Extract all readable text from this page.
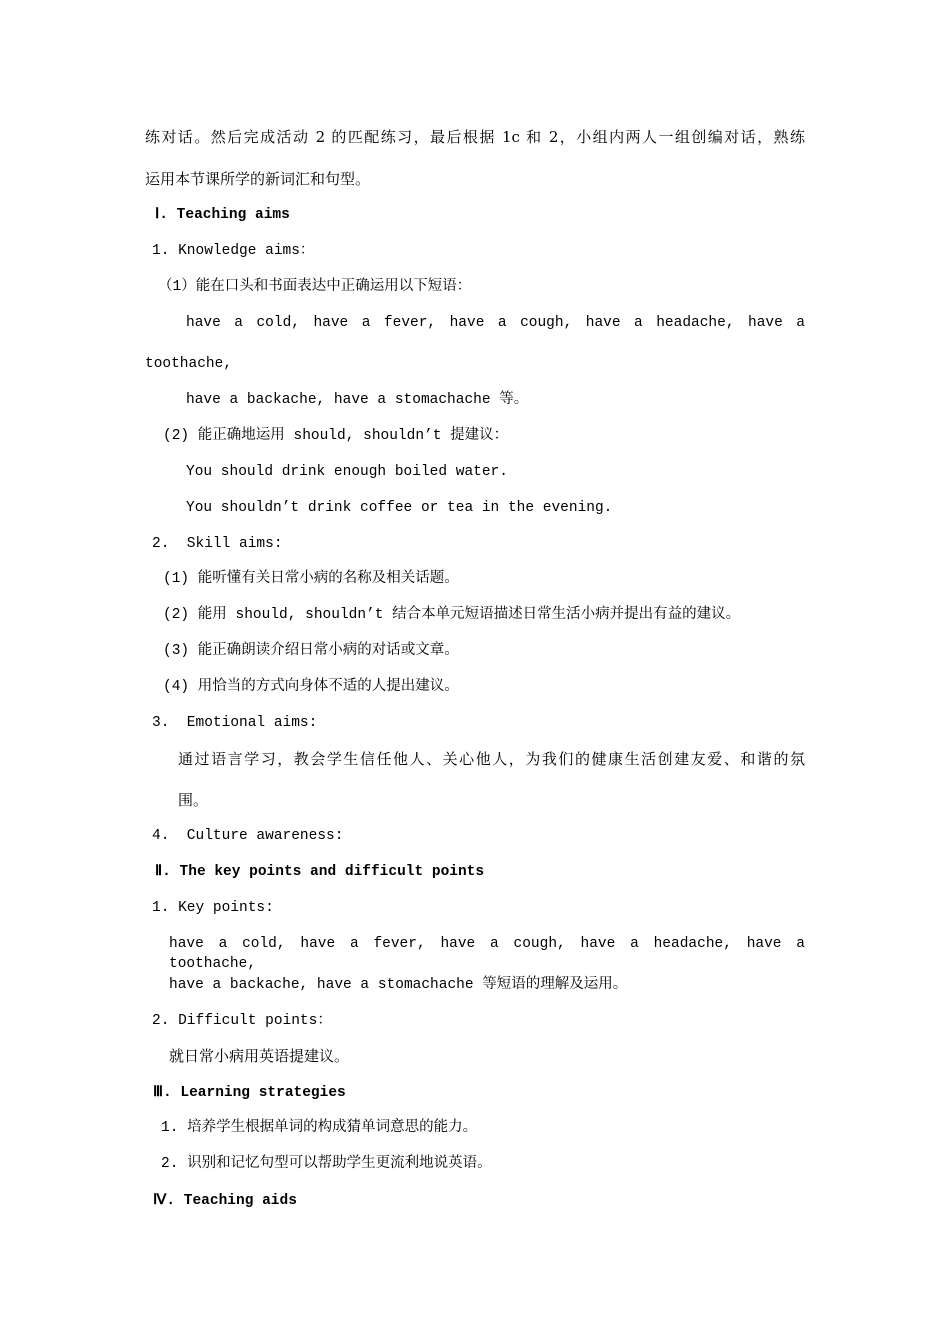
练对话。然后完成活动 2 的匹配练习，最后根据 1c 和 2，小组内两人一组创编对话，熟练
运用本节课所学的新词汇和句型。
Ⅰ. Teaching aims
1. Knowledge aims：
（1）能在口头和书面表达中正确运用以下短语：
have a cold, have a fever, have a cough, have a headache, have a
toothache,
have a backache, have a stomachache 等。
(2) 能正确地运用 should, shouldn’t 提建议：
You should drink enough boiled water.
You shouldn’t drink coffee or tea in the evening.
2.  Skill aims:
(1) 能听懂有关日常小病的名称及相关话题。
(2) 能用 should, shouldn’t 结合本单元短语描述日常生活小病并提出有益的建议。
(3) 能正确朗读介绍日常小病的对话或文章。
(4) 用恰当的方式向身体不适的人提出建议。
3.  Emotional aims:
通过语言学习，教会学生信任他人、关心他人，为我们的健康生活创建友爱、和谐的氛
围。
4.  Culture awareness:
Ⅱ. The key points and difficult points
1. Key points:
have a cold, have a fever, have a cough, have a headache, have a toothache,
have a backache, have a stomachache 等短语的理解及运用。
2. Difficult points：
就日常小病用英语提建议。
Ⅲ. Learning strategies
1. 培养学生根据单词的构成猜单词意思的能力。
2. 识别和记忆句型可以帮助学生更流利地说英语。
Ⅳ. Teaching aids
